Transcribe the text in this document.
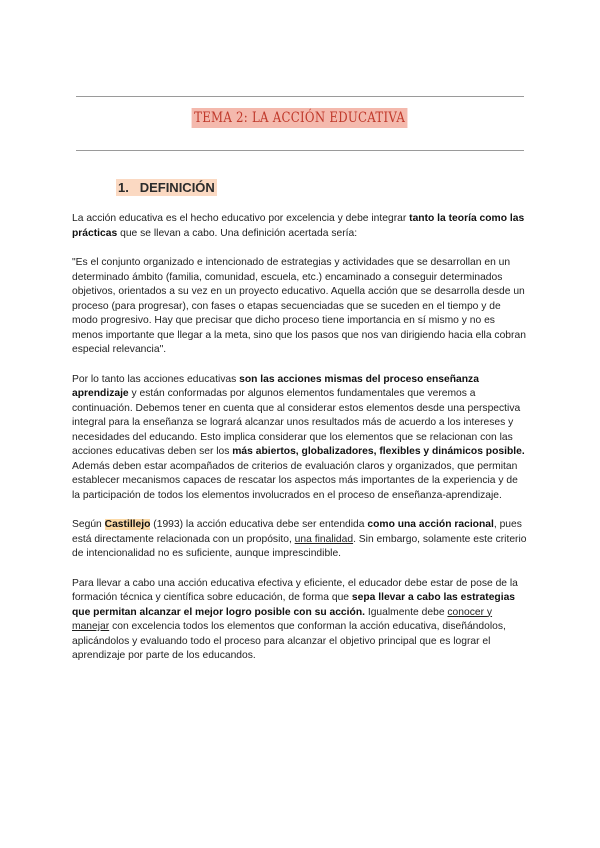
TEMA 2: LA ACCIÓN EDUCATIVA
1. DEFINICIÓN

La acción educativa es el hecho educativo por excelencia y debe integrar tanto la teoría como las prácticas que se llevan a cabo. Una definición acertada sería:

"Es el conjunto organizado e intencionado de estrategias y actividades que se desarrollan en un determinado ámbito (familia, comunidad, escuela, etc.) encaminado a conseguir determinados objetivos, orientados a su vez en un proyecto educativo. Aquella acción que se desarrolla desde un proceso (para progresar), con fases o etapas secuenciadas que se suceden en el tiempo y de modo progresivo. Hay que precisar que dicho proceso tiene importancia en sí mismo y no es menos importante que llegar a la meta, sino que los pasos que nos van dirigiendo hacia ella cobran especial relevancia".

Por lo tanto las acciones educativas son las acciones mismas del proceso enseñanza aprendizaje y están conformadas por algunos elementos fundamentales que veremos a continuación. Debemos tener en cuenta que al considerar estos elementos desde una perspectiva integral para la enseñanza se logrará alcanzar unos resultados más de acuerdo a los intereses y necesidades del educando. Esto implica considerar que los elementos que se relacionan con las acciones educativas deben ser los más abiertos, globalizadores, flexibles y dinámicos posible. Además deben estar acompañados de criterios de evaluación claros y organizados, que permitan establecer mecanismos capaces de rescatar los aspectos más importantes de la experiencia y de la participación de todos los elementos involucrados en el proceso de enseñanza-aprendizaje.

Según Castillejo (1993) la acción educativa debe ser entendida como una acción racional, pues está directamente relacionada con un propósito, una finalidad. Sin embargo, solamente este criterio de intencionalidad no es suficiente, aunque imprescindible.

Para llevar a cabo una acción educativa efectiva y eficiente, el educador debe estar de pose de la formación técnica y científica sobre educación, de forma que sepa llevar a cabo las estrategias que permitan alcanzar el mejor logro posible con su acción. Igualmente debe conocer y manejar con excelencia todos los elementos que conforman la acción educativa, diseñándolos, aplicándolos y evaluando todo el proceso para alcanzar el objetivo principal que es lograr el aprendizaje por parte de los educandos.
